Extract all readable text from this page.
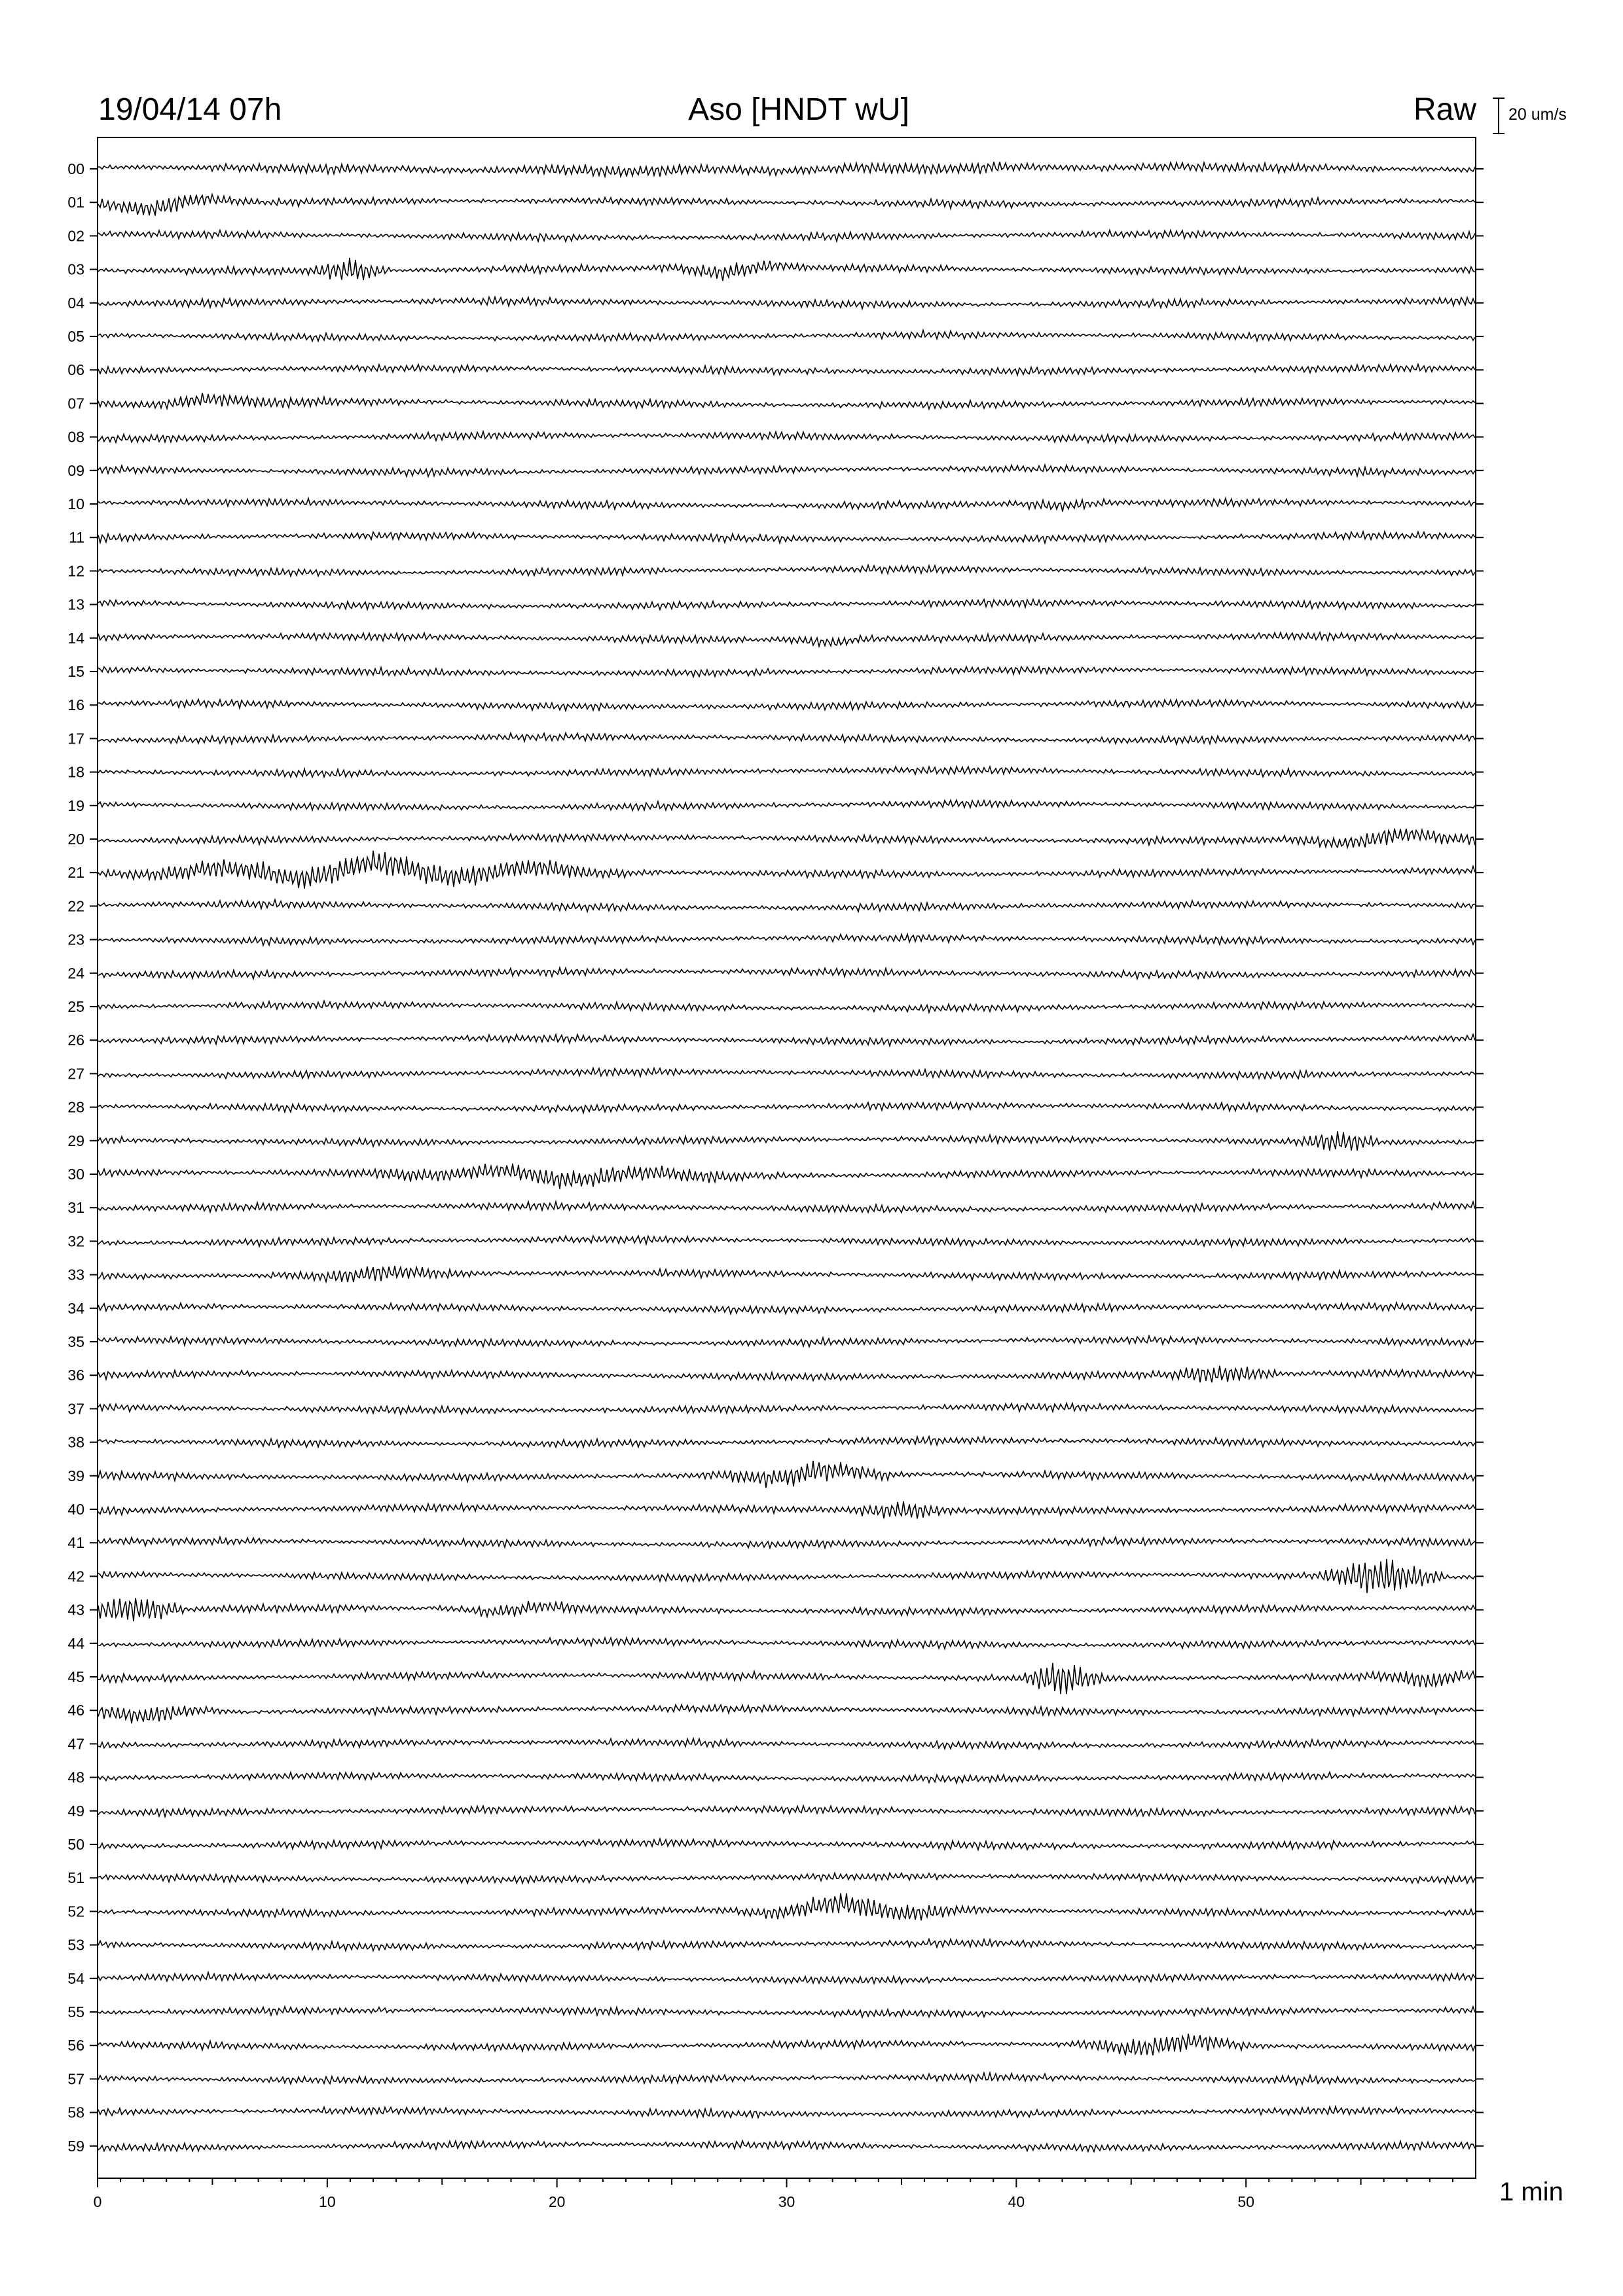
19/04/14 07h	Aso [HNDT wU]	Raw 20 um/s
1 min
00
01
02
03
04
05
06
07
08
09
10
11
12
13
14
15
16
17
18
19
20
21
22
23
24
25
26
27
28
29
30
31
32
33
34
35
36
37
38
39
40
41
42
43
44
45
46
47
48
49
50
51
52
53
54
55
56
57
58
59
0	10	20	30	40	50
